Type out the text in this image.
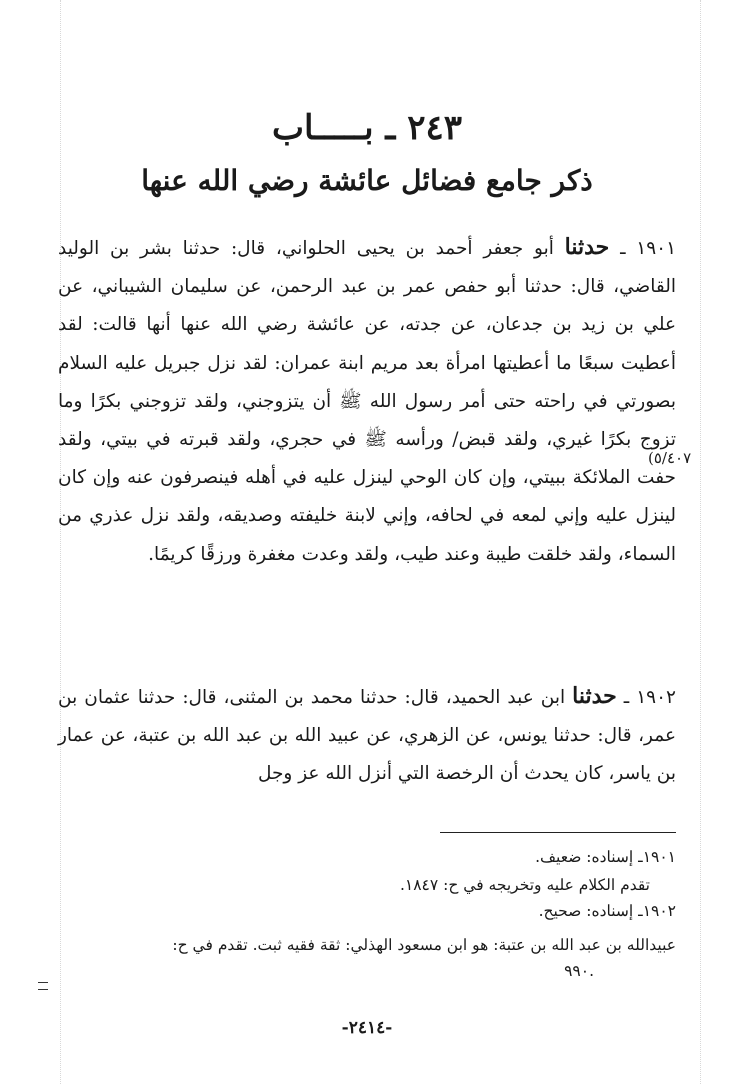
٢٤٣ ـ بـــــاب
ذكر جامع فضائل عائشة رضي الله عنها
١٩٠١ ـ حدثنا أبو جعفر أحمد بن يحيى الحلواني، قال: حدثنا بشر بن الوليد القاضي، قال: حدثنا أبو حفص عمر بن عبد الرحمن، عن سليمان الشيباني، عن علي بن زيد بن جدعان، عن جدته، عن عائشة رضي الله عنها أنها قالت: لقد أعطيت سبعًا ما أعطيتها امرأة بعد مريم ابنة عمران: لقد نزل جبريل عليه السلام بصورتي في راحته حتى أمر رسول الله ﷺ أن يتزوجني، ولقد تزوجني بكرًا وما تزوج بكرًا غيري، ولقد قبض/ ورأسه ﷺ في حجري، ولقد قبرته في بيتي، ولقد حفت الملائكة ببيتي، وإن كان الوحي لينزل عليه في أهله فينصرفون عنه وإن كان لينزل عليه وإني لمعه في لحافه، وإني لابنة خليفته وصديقه، ولقد نزل عذري من السماء، ولقد خلقت طيبة وعند طيب، ولقد وعدت مغفرة ورزقًا كريمًا.
(٥/٤٠٧
١٩٠٢ ـ حدثنا ابن عبد الحميد، قال: حدثنا محمد بن المثنى، قال: حدثنا عثمان بن عمر، قال: حدثنا يونس، عن الزهري، عن عبيد الله بن عبد الله بن عتبة، عن عمار بن ياسر، كان يحدث أن الرخصة التي أنزل الله عز وجل
١٩٠١ـ إسناده: ضعيف.
تقدم الكلام عليه وتخريجه في ح: ١٨٤٧.
١٩٠٢ـ إسناده: صحيح.
عبيدالله بن عبد الله بن عتبة: هو ابن مسعود الهذلي: ثقة فقيه ثبت. تقدم في ح:
٩٩٠.
-٢٤١٤-
